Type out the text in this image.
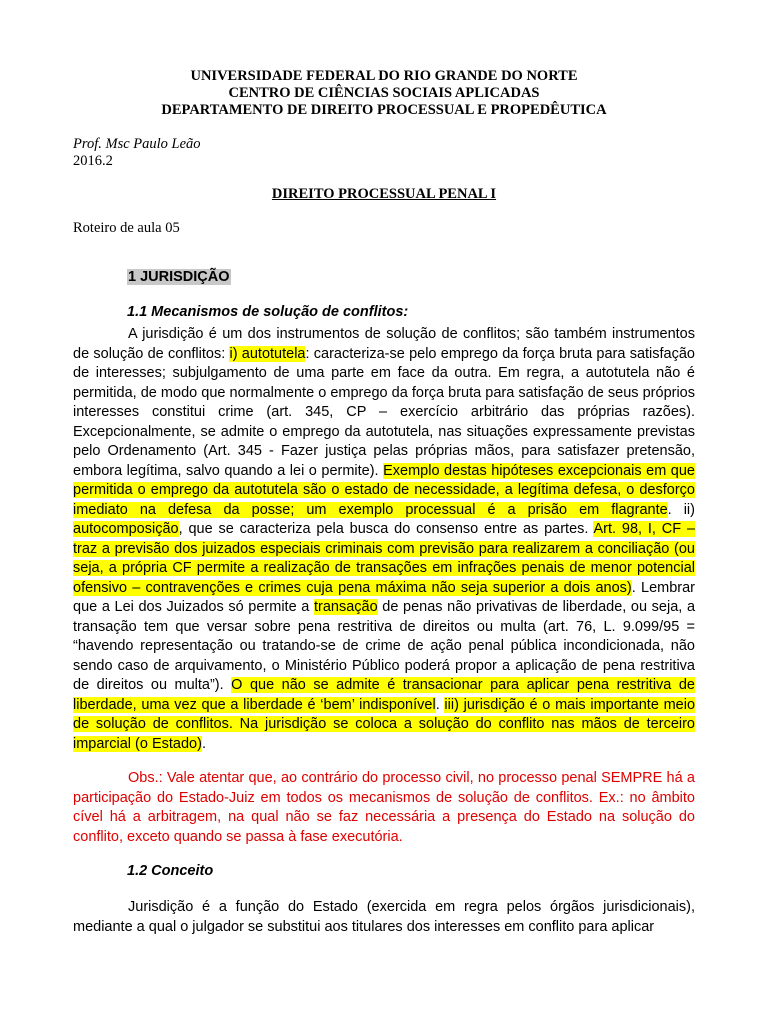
UNIVERSIDADE FEDERAL DO RIO GRANDE DO NORTE

CENTRO DE CIÊNCIAS SOCIAIS APLICADAS

DEPARTAMENTO DE DIREITO PROCESSUAL E PROPEDÊUTICA

Prof. Msc Paulo Leão

2016.2

DIREITO PROCESSUAL PENAL I

Roteiro de aula 05

1 JURISDIÇÃO

1.1 Mecanismos de solução de conflitos:

A jurisdição é um dos instrumentos de solução de conflitos; são também instrumentos de solução de conflitos: i) autotutela: caracteriza-se pelo emprego da força bruta para satisfação de interesses; subjulgamento de uma parte em face da outra. Em regra, a autotutela não é permitida, de modo que normalmente o emprego da força bruta para satisfação de seus próprios interesses constitui crime (art. 345, CP – exercício arbitrário das próprias razões). Excepcionalmente, se admite o emprego da autotutela, nas situações expressamente previstas pelo Ordenamento (Art. 345 - Fazer justiça pelas próprias mãos, para satisfazer pretensão, embora legítima, salvo quando a lei o permite). Exemplo destas hipóteses excepcionais em que permitida o emprego da autotutela são o estado de necessidade, a legítima defesa, o desforço imediato na defesa da posse; um exemplo processual é a prisão em flagrante. ii) autocomposição, que se caracteriza pela busca do consenso entre as partes. Art. 98, I, CF – traz a previsão dos juizados especiais criminais com previsão para realizarem a conciliação (ou seja, a própria CF permite a realização de transações em infrações penais de menor potencial ofensivo – contravenções e crimes cuja pena máxima não seja superior a dois anos). Lembrar que a Lei dos Juizados só permite a transação de penas não privativas de liberdade, ou seja, a transação tem que versar sobre pena restritiva de direitos ou multa (art. 76, L. 9.099/95 = “havendo representação ou tratando-se de crime de ação penal pública incondicionada, não sendo caso de arquivamento, o Ministério Público poderá propor a aplicação de pena restritiva de direitos ou multa”). O que não se admite é transacionar para aplicar pena restritiva de liberdade, uma vez que a liberdade é ‘bem’ indisponível. iii) jurisdição é o mais importante meio de solução de conflitos. Na jurisdição se coloca a solução do conflito nas mãos de terceiro imparcial (o Estado).

Obs.: Vale atentar que, ao contrário do processo civil, no processo penal SEMPRE há a participação do Estado-Juiz em todos os mecanismos de solução de conflitos. Ex.: no âmbito cível há a arbitragem, na qual não se faz necessária a presença do Estado na solução do conflito, exceto quando se passa à fase executória.

1.2 Conceito

Jurisdição é a função do Estado (exercida em regra pelos órgãos jurisdicionais), mediante a qual o julgador se substitui aos titulares dos interesses em conflito para aplicar
